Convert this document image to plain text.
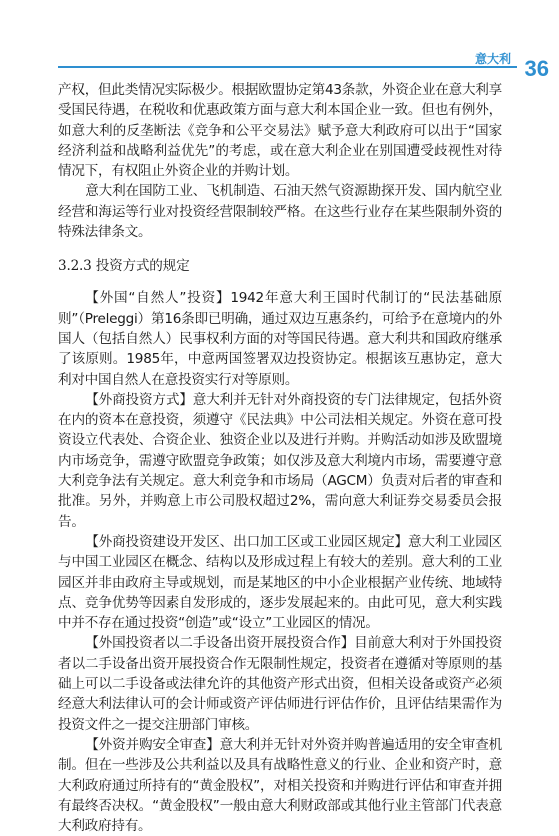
意大利 36

产权，但此类情况实际极少。根据欧盟协定第43条款，外资企业在意大利享受国民待遇，在税收和优惠政策方面与意大利本国企业一致。但也有例外，如意大利的反垄断法《竞争和公平交易法》赋予意大利政府可以出于“国家经济利益和战略利益优先”的考虑，或在意大利企业在别国遭受歧视性对待情况下，有权阻止外资企业的并购计划。

意大利在国防工业、飞机制造、石油天然气资源勘探开发、国内航空业经营和海运等行业对投资经营限制较严格。在这些行业存在某些限制外资的特殊法律条文。

3.2.3 投资方式的规定

【外国“自然人”投资】1942年意大利王国时代制订的“民法基础原则”（Preleggi）第16条即已明确，通过双边互惠条约，可给予在意境内的外国人（包括自然人）民事权利方面的对等国民待遇。意大利共和国政府继承了该原则。1985年，中意两国签署双边投资协定。根据该互惠协定，意大利对中国自然人在意投资实行对等原则。

【外商投资方式】意大利并无针对外商投资的专门法律规定，包括外资在内的资本在意投资，须遵守《民法典》中公司法相关规定。外资在意可投资设立代表处、合资企业、独资企业以及进行并购。并购活动如涉及欧盟境内市场竞争，需遵守欧盟竞争政策；如仅涉及意大利境内市场，需要遵守意大利竞争法有关规定。意大利竞争和市场局（AGCM）负责对后者的审查和批准。另外，并购意上市公司股权超过2%，需向意大利证券交易委员会报告。

【外商投资建设开发区、出口加工区或工业园区规定】意大利工业园区与中国工业园区在概念、结构以及形成过程上有较大的差别。意大利的工业园区并非由政府主导或规划，而是某地区的中小企业根据产业传统、地域特点、竞争优势等因素自发形成的，逐步发展起来的。由此可见，意大利实践中并不存在通过投资“创造”或“设立”工业园区的情况。

【外国投资者以二手设备出资开展投资合作】目前意大利对于外国投资者以二手设备出资开展投资合作无限制性规定，投资者在遵循对等原则的基础上可以二手设备或法律允许的其他资产形式出资，但相关设备或资产必须经意大利法律认可的会计师或资产评估师进行评估作价，且评估结果需作为投资文件之一提交注册部门审核。

【外资并购安全审查】意大利并无针对外资并购普遍适用的安全审查机制。但在一些涉及公共利益以及具有战略性意义的行业、企业和资产时，意大利政府通过所持有的“黄金股权”，对相关投资和并购进行评估和审查并拥有最终否决权。“黄金股权”一般由意大利财政部或其他行业主管部门代表意大利政府持有。
